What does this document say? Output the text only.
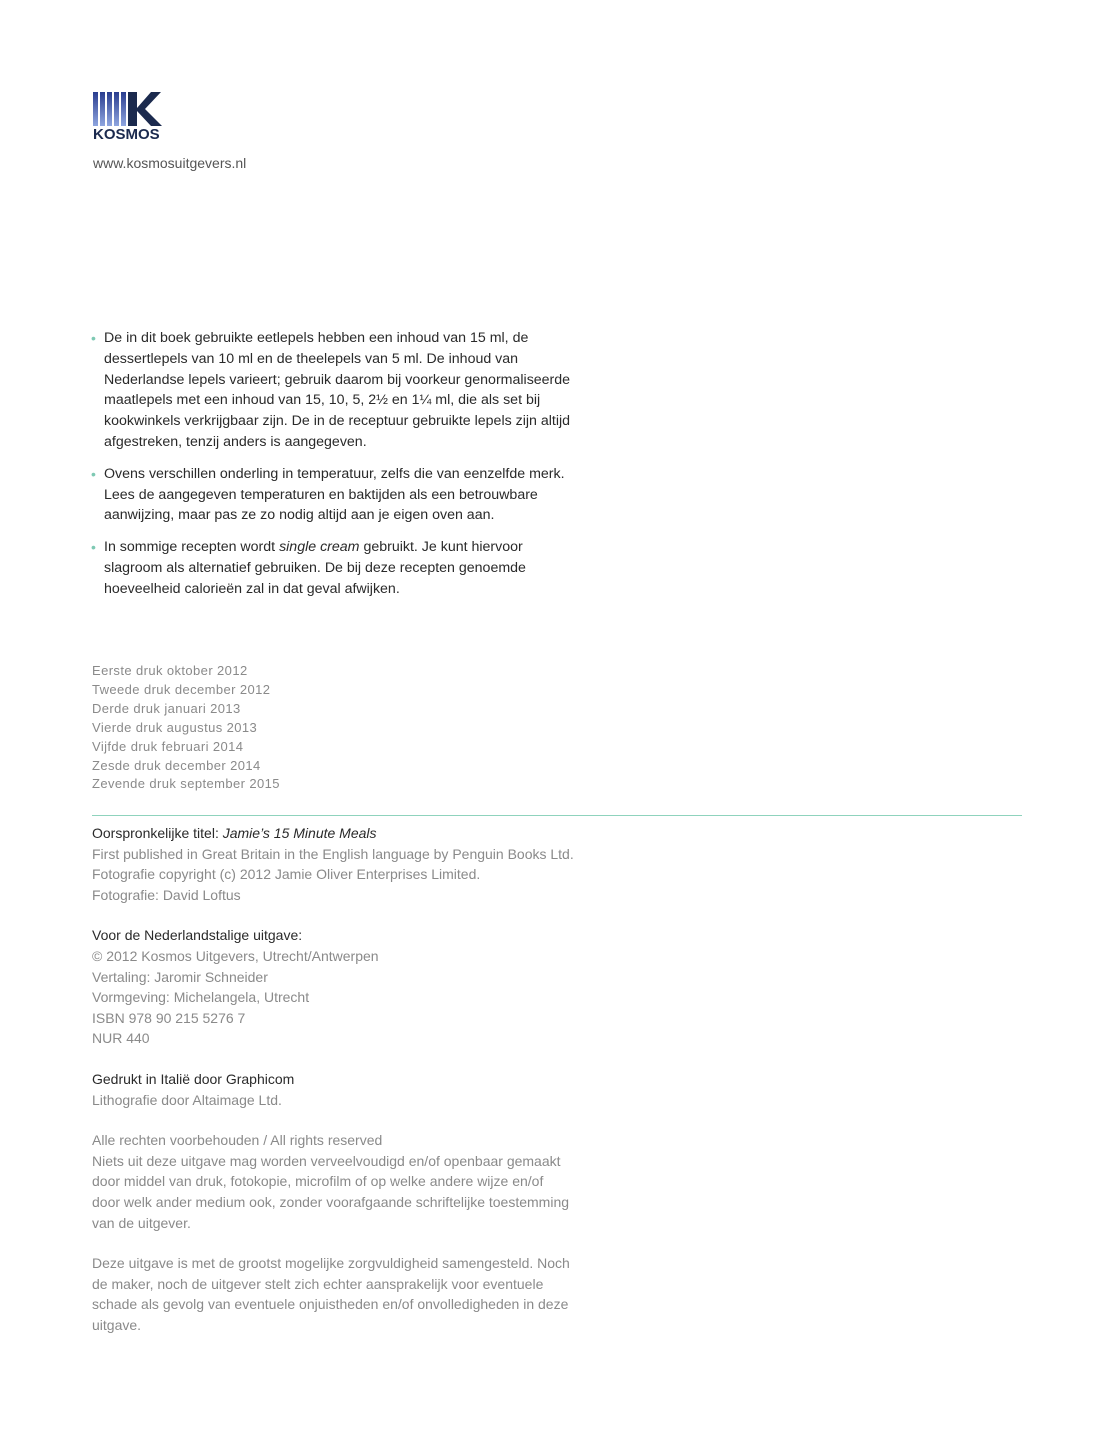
KOSMOS
www.kosmosuitgevers.nl
• De in dit boek gebruikte eetlepels hebben een inhoud van 15 ml, de
dessertlepels van 10 ml en de theelepels van 5 ml. De inhoud van
Nederlandse lepels varieert; gebruik daarom bij voorkeur genormaliseerde
maatlepels met een inhoud van 15, 10, 5, 2½ en 1¼ ml, die als set bij
kookwinkels verkrijgbaar zijn. De in de receptuur gebruikte lepels zijn altijd
afgestreken, tenzij anders is aangegeven.
• Ovens verschillen onderling in temperatuur, zelfs die van eenzelfde merk.
Lees de aangegeven temperaturen en baktijden als een betrouwbare
aanwijzing, maar pas ze zo nodig altijd aan je eigen oven aan.
• In sommige recepten wordt single cream gebruikt. Je kunt hiervoor
slagroom als alternatief gebruiken. De bij deze recepten genoemde
hoeveelheid calorieën zal in dat geval afwijken.
Eerste druk oktober 2012
Tweede druk december 2012
Derde druk januari 2013
Vierde druk augustus 2013
Vijfde druk februari 2014
Zesde druk december 2014
Zevende druk september 2015
Oorspronkelijke titel: Jamie’s 15 Minute Meals
First published in Great Britain in the English language by Penguin Books Ltd.
Fotografie copyright (c) 2012 Jamie Oliver Enterprises Limited.
Fotografie: David Loftus
Voor de Nederlandstalige uitgave:
© 2012 Kosmos Uitgevers, Utrecht/Antwerpen
Vertaling: Jaromir Schneider
Vormgeving: Michelangela, Utrecht
ISBN 978 90 215 5276 7
NUR 440
Gedrukt in Italië door Graphicom
Lithografie door Altaimage Ltd.
Alle rechten voorbehouden / All rights reserved
Niets uit deze uitgave mag worden verveelvoudigd en/of openbaar gemaakt
door middel van druk, fotokopie, microfilm of op welke andere wijze en/of
door welk ander medium ook, zonder voorafgaande schriftelijke toestemming
van de uitgever.
Deze uitgave is met de grootst mogelijke zorgvuldigheid samengesteld. Noch
de maker, noch de uitgever stelt zich echter aansprakelijk voor eventuele
schade als gevolg van eventuele onjuistheden en/of onvolledigheden in deze
uitgave.
